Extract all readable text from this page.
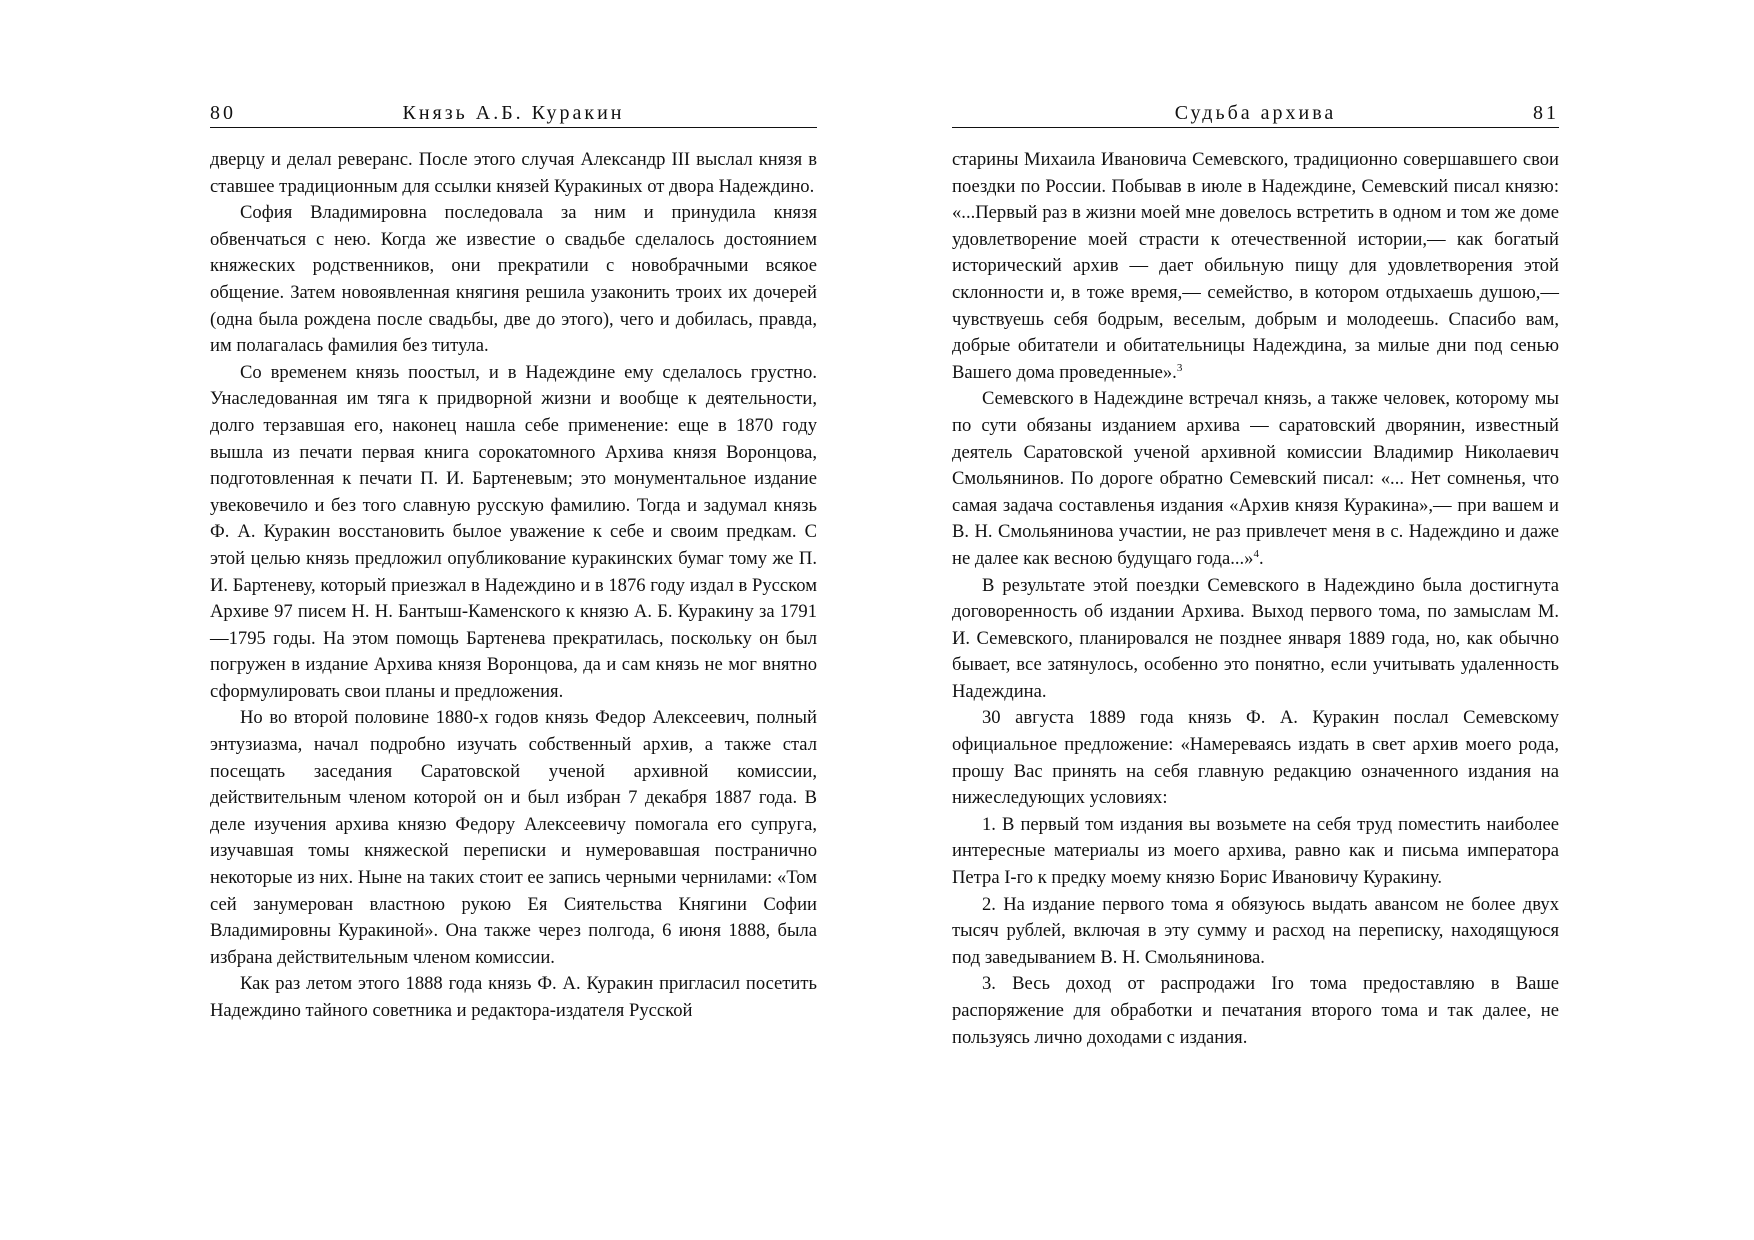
80	Князь А.Б. Куракин

дверцу и делал реверанс. После этого случая Александр III выслал князя в ставшее традиционным для ссылки князей Куракиных от двора Надеждино.

София Владимировна последовала за ним и принудила князя обвенчаться с нею. Когда же известие о свадьбе сделалось достоянием княжеских родственников, они прекратили с новобрачными всякое общение. Затем новоявленная княгиня решила узаконить троих их дочерей (одна была рождена после свадьбы, две до этого), чего и добилась, правда, им полагалась фамилия без титула.

Со временем князь поостыл, и в Надеждине ему сделалось грустно. Унаследованная им тяга к придворной жизни и вообще к деятельности, долго терзавшая его, наконец нашла себе применение: еще в 1870 году вышла из печати первая книга сорокатомного Архива князя Воронцова, подготовленная к печати П. И. Бартеневым; это монументальное издание увековечило и без того славную русскую фамилию. Тогда и задумал князь Ф. А. Куракин восстановить былое уважение к себе и своим предкам. С этой целью князь предложил опубликование куракинских бумаг тому же П. И. Бартеневу, который приезжал в Надеждино и в 1876 году издал в Русском Архиве 97 писем Н. Н. Бантыш-Каменского к князю А. Б. Куракину за 1791—1795 годы. На этом помощь Бартенева прекратилась, поскольку он был погружен в издание Архива князя Воронцова, да и сам князь не мог внятно сформулировать свои планы и предложения.

Но во второй половине 1880-х годов князь Федор Алексеевич, полный энтузиазма, начал подробно изучать собственный архив, а также стал посещать заседания Саратовской ученой архивной комиссии, действительным членом которой он и был избран 7 декабря 1887 года. В деле изучения архива князю Федору Алексеевичу помогала его супруга, изучавшая томы княжеской переписки и нумеровавшая постранично некоторые из них. Ныне на таких стоит ее запись черными чернилами: «Том сей занумерован властною рукою Ея Сиятельства Княгини Софии Владимировны Куракиной». Она также через полгода, 6 июня 1888, была избрана действительным членом комиссии.

Как раз летом этого 1888 года князь Ф. А. Куракин пригласил посетить Надеждино тайного советника и редактора-издателя Русской

Судьба архива	81

старины Михаила Ивановича Семевского, традиционно совершавшего свои поездки по России. Побывав в июле в Надеждине, Семевский писал князю: «...Первый раз в жизни моей мне довелось встретить в одном и том же доме удовлетворение моей страсти к отечественной истории,— как богатый исторический архив — дает обильную пищу для удовлетворения этой склонности и, в тоже время,— семейство, в котором отдыхаешь душою,— чувствуешь себя бодрым, веселым, добрым и молодеешь. Спасибо вам, добрые обитатели и обитательницы Надеждина, за милые дни под сенью Вашего дома проведенные».$^3$

Семевского в Надеждине встречал князь, а также человек, которому мы по сути обязаны изданием архива — саратовский дворянин, известный деятель Саратовской ученой архивной комиссии Владимир Николаевич Смольянинов. По дороге обратно Семевский писал: «... Нет сомненья, что самая задача составленья издания «Архив князя Куракина»,— при вашем и В. Н. Смольянинова участии, не раз привлечет меня в с. Надеждино и даже не далее как весною будущаго года...»$^4$.

В результате этой поездки Семевского в Надеждино была достигнута договоренность об издании Архива. Выход первого тома, по замыслам М. И. Семевского, планировался не позднее января 1889 года, но, как обычно бывает, все затянулось, особенно это понятно, если учитывать удаленность Надеждина.

30 августа 1889 года князь Ф. А. Куракин послал Семевскому официальное предложение: «Намереваясь издать в свет архив моего рода, прошу Вас принять на себя главную редакцию означенного издания на нижеследующих условиях:

1. В первый том издания вы возьмете на себя труд поместить наиболее интересные материалы из моего архива, равно как и письма императора Петра I-го к предку моему князю Борис Ивановичу Куракину.

2. На издание первого тома я обязуюсь выдать авансом не более двух тысяч рублей, включая в эту сумму и расход на переписку, находящуюся под заведыванием В. Н. Смольянинова.

3. Весь доход от распродажи Iго тома предоставляю в Ваше распоряжение для обработки и печатания второго тома и так далее, не пользуясь лично доходами с издания.
